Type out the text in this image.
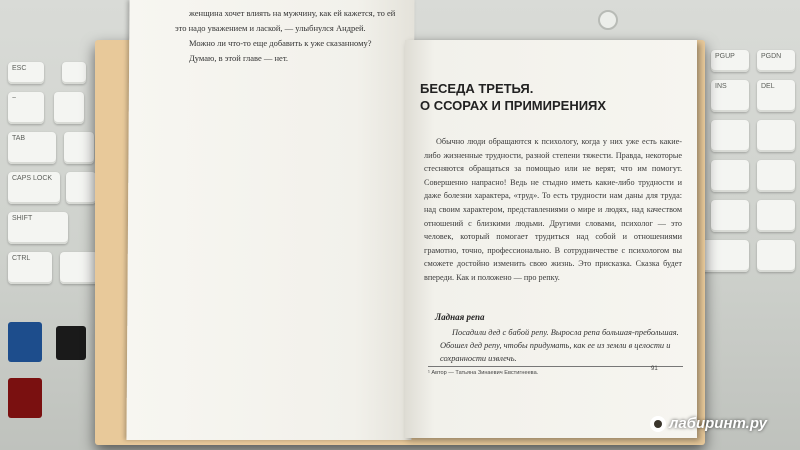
ESC
~
TAB
CAPS LOCK
SHIFT
CTRL
PGUP	PGDN
INS	DEL

женщина хочет влиять на мужчину, как ей кажется, то ей это надо уважением и лаской, — улыбнулся Андрей.

Можно ли что-то еще добавить к уже сказанному?

Думаю, в этой главе — нет.

БЕСЕДА ТРЕТЬЯ.
О ССОРАХ И ПРИМИРЕНИЯХ

Обычно люди обращаются к психологу, когда у них уже есть какие-либо жизненные трудности, разной степени тяжести. Правда, некоторые стесняются обращаться за помощью или не верят, что им помогут. Совершенно напрасно! Ведь не стыдно иметь какие-либо трудности и даже болезни характера, «труд». То есть трудности нам даны для труда: над своим характером, представлениями о мире и людях, над качеством отношений с близкими людьми. Другими словами, психолог — это человек, который помогает трудиться над собой и отношениями грамотно, точно, профессионально. В сотрудничестве с психологом вы сможете достойно изменить свою жизнь. Это присказка. Сказка будет впереди. Как и положено — про репку.

Ладная репа

Посадили дед с бабой репу. Выросла репа большая-пребольшая. Обошел дед репу, чтобы придумать, как ее из земли в целости и сохранности извлечь.

¹ Автор — Татьяна Зинаевич Евстигнеева.
91
лабиринт.ру
